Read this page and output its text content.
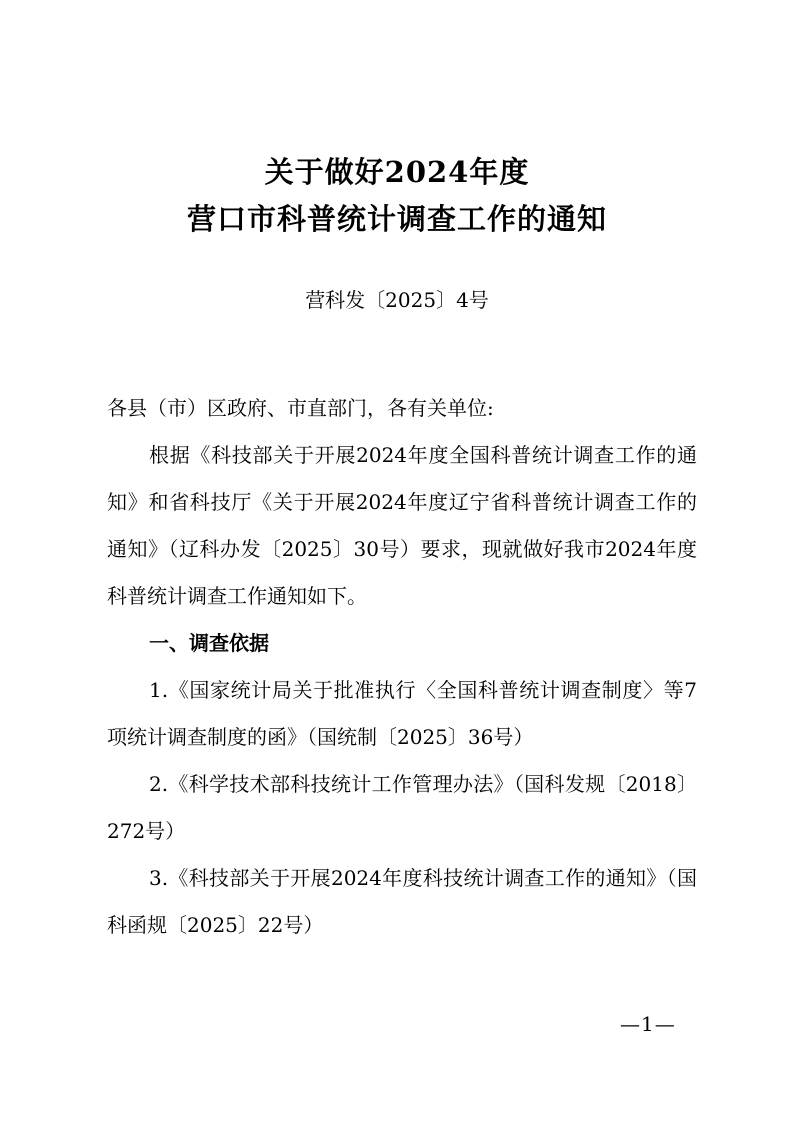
关于做好2024年度
营口市科普统计调查工作的通知
营科发〔2025〕4号

各县（市）区政府、市直部门，各有关单位:

根据《科技部关于开展2024年度全国科普统计调查工作的通知》和省科技厅《关于开展2024年度辽宁省科普统计调查工作的通知》（辽科办发〔2025〕30号）要求，现就做好我市2024年度科普统计调查工作通知如下。

一、调查依据

1.《国家统计局关于批准执行〈全国科普统计调查制度〉等7项统计调查制度的函》（国统制〔2025〕36号）

2.《科学技术部科技统计工作管理办法》（国科发规〔2018〕272号）

3.《科技部关于开展2024年度科技统计调查工作的通知》（国科函规〔2025〕22号）

—1—
